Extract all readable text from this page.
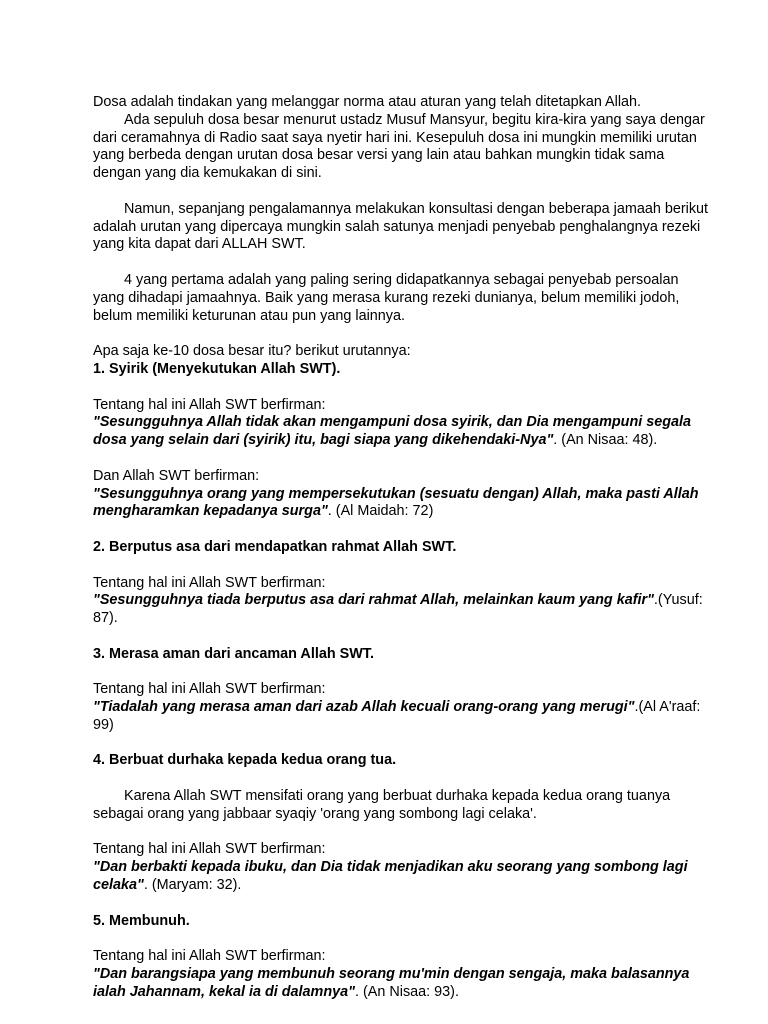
Dosa adalah tindakan yang melanggar norma atau aturan yang telah ditetapkan Allah.

Ada sepuluh dosa besar menurut ustadz Musuf Mansyur, begitu kira-kira yang saya dengar dari ceramahnya di Radio saat saya nyetir hari ini. Kesepuluh dosa ini mungkin memiliki urutan yang berbeda dengan urutan dosa besar versi yang lain atau bahkan mungkin tidak sama dengan yang dia kemukakan di sini.

Namun, sepanjang pengalamannya melakukan konsultasi dengan beberapa jamaah berikut adalah urutan yang dipercaya mungkin salah satunya menjadi penyebab penghalangnya rezeki yang kita dapat dari ALLAH SWT.

4 yang pertama adalah yang paling sering didapatkannya sebagai penyebab persoalan yang dihadapi jamaahnya. Baik yang merasa kurang rezeki dunianya, belum memiliki jodoh, belum memiliki keturunan atau pun yang lainnya.

Apa saja ke-10 dosa besar itu? berikut urutannya:

1. Syirik (Menyekutukan Allah SWT).

Tentang hal ini Allah SWT berfirman:

"Sesungguhnya Allah tidak akan mengampuni dosa syirik, dan Dia mengampuni segala dosa yang selain dari (syirik) itu, bagi siapa yang dikehendaki-Nya". (An Nisaa: 48).

Dan Allah SWT berfirman:

"Sesungguhnya orang yang mempersekutukan (sesuatu dengan) Allah, maka pasti Allah mengharamkan kepadanya surga". (Al Maidah: 72)

2. Berputus asa dari mendapatkan rahmat Allah SWT.

Tentang hal ini Allah SWT berfirman:

"Sesungguhnya tiada berputus asa dari rahmat Allah, melainkan kaum yang kafir".(Yusuf: 87).

3. Merasa aman dari ancaman Allah SWT.

Tentang hal ini Allah SWT berfirman:

"Tiadalah yang merasa aman dari azab Allah kecuali orang-orang yang merugi".(Al A'raaf: 99)

4. Berbuat durhaka kepada kedua orang tua.

Karena Allah SWT mensifati orang yang berbuat durhaka kepada kedua orang tuanya sebagai orang yang jabbaar syaqiy 'orang yang sombong lagi celaka'.

Tentang hal ini Allah SWT berfirman:

"Dan berbakti kepada ibuku, dan Dia tidak menjadikan aku seorang yang sombong lagi celaka". (Maryam: 32).

5. Membunuh.

Tentang hal ini Allah SWT berfirman:

"Dan barangsiapa yang membunuh seorang mu'min dengan sengaja, maka balasannya ialah Jahannam, kekal ia di dalamnya". (An Nisaa: 93).
